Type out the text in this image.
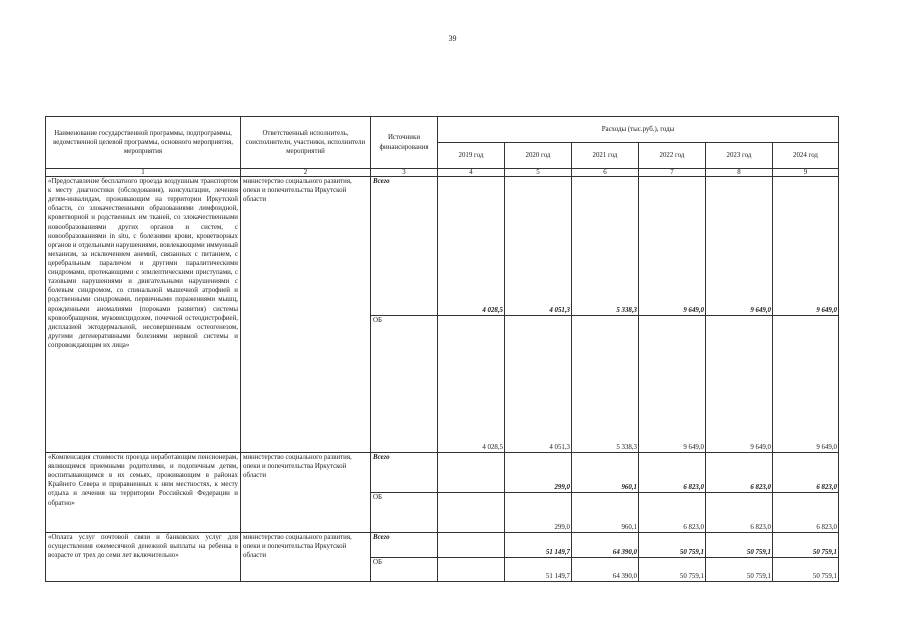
39
Наименование государственной программы, подпрограммы, ведомственной целевой программы, основного мероприятия, мероприятия	Ответственный исполнитель, соисполнители, участники, исполнители мероприятий	Источники финансирования	Расходы (тыс.руб.), годы					
			2019 год	2020 год	2021 год	2022 год	2023 год	2024 год
1	2	3	4	5	6	7	8	9
«Предоставление бесплатного проезда воздушным транспортом к месту диагностики (обследования), консультации, лечения детям-инвалидам, проживающим на территории Иркутской области, со злокачественными образованиями лимфоидной, кроветворной и родственных им тканей, со злокачественными новообразованиями других органов и систем, с новообразованиями in situ, с болезнями крови, кроветворных органов и отдельными нарушениями, вовлекающими иммунный механизм, за исключением анемий, связанных с питанием, с церебральным параличом и другими паралитическими синдромами, протекающими с эпилептическими приступами, с тазовыми нарушениями и двигательными нарушениями с болевым синдромом, со спинальной мышечной атрофией и родственными синдромами, первичными поражениями мышц, врожденными аномалиями (пороками развития) системы кровообращения, муковисцидозом, почечной остеодистрофией, дисплазией эктодермальной, несовершенным остеогенезом, другими дегенеративными болезнями нервной системы и сопровождающим их лица»	министерство социального развития, опеки и попечительства Иркутской области	Всего	4 028,5	4 051,3	5 338,3	9 649,0	9 649,0	9 649,0
		ОБ	4 028,5	4 051,3	5 338,3	9 649,0	9 649,0	9 649,0
«Компенсация стоимости проезда неработающим пенсионерам, являющимся приемными родителями, и подопечным детям, воспитывающимся в их семьях, проживающим в районах Крайнего Севера и приравненных к ним местностях, к месту отдыха и лечения на территории Российской Федерации и обратно»	министерство социального развития, опеки и попечительства Иркутской области	Всего		299,0	960,1	6 823,0	6 823,0	6 823,0
		ОБ		299,0	960,1	6 823,0	6 823,0	6 823,0
«Оплата услуг почтовой связи и банковских услуг для осуществления ежемесячной денежной выплаты на ребенка в возрасте от трех до семи лет включительно»	министерство социального развития, опеки и попечительства Иркутской области	Всего		51 149,7	64 390,0	50 759,1	50 759,1	50 759,1
		ОБ		51 149,7	64 390,0	50 759,1	50 759,1	50 759,1
